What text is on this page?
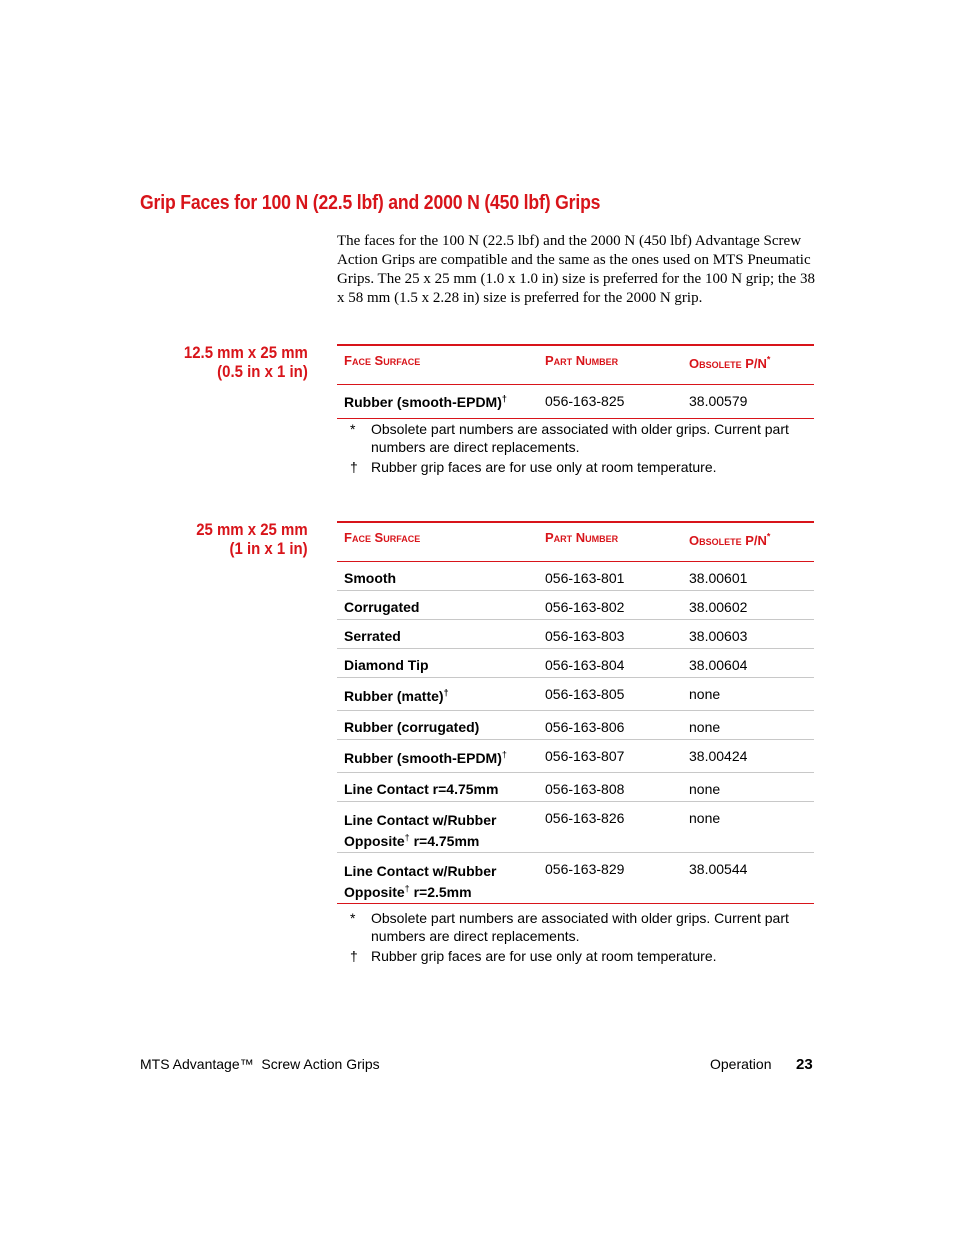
Grip Faces for 100 N (22.5 lbf) and 2000 N (450 lbf) Grips
The faces for the 100 N (22.5 lbf) and the 2000 N (450 lbf) Advantage Screw Action Grips are compatible and the same as the ones used on MTS Pneumatic Grips. The 25 x 25 mm (1.0 x 1.0 in) size is preferred for the 100 N grip; the 38 x 58 mm (1.5 x 2.28 in) size is preferred for the 2000 N grip.
12.5 mm x 25 mm
(0.5 in x 1 in)
Face Surface	Part Number	Obsolete P/N*
Rubber (smooth-EPDM)†	056-163-825	38.00579
* Obsolete part numbers are associated with older grips. Current part numbers are direct replacements.
† Rubber grip faces are for use only at room temperature.
25 mm x 25 mm
(1 in x 1 in)
Face Surface	Part Number	Obsolete P/N*
Smooth	056-163-801	38.00601
Corrugated	056-163-802	38.00602
Serrated	056-163-803	38.00603
Diamond Tip	056-163-804	38.00604
Rubber (matte)†	056-163-805	none
Rubber (corrugated)	056-163-806	none
Rubber (smooth-EPDM)†	056-163-807	38.00424
Line Contact r=4.75mm	056-163-808	none
Line Contact w/Rubber
Opposite† r=4.75mm	056-163-826	none
Line Contact w/Rubber
Opposite† r=2.5mm	056-163-829	38.00544
* Obsolete part numbers are associated with older grips. Current part numbers are direct replacements.
† Rubber grip faces are for use only at room temperature.
MTS Advantage™  Screw Action Grips	Operation 23
